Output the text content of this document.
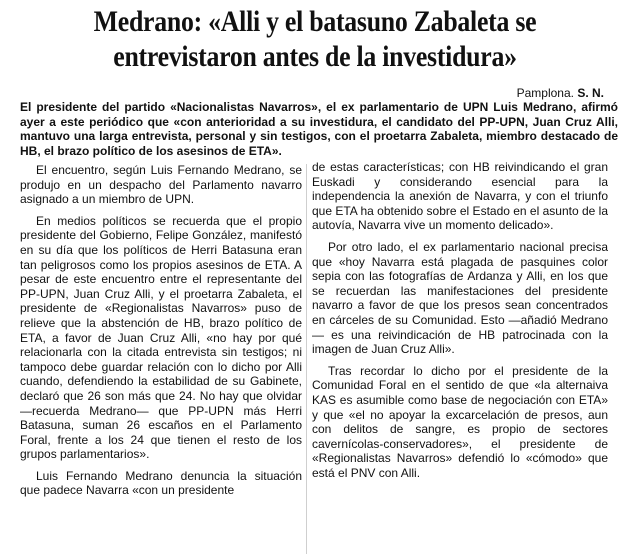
Medrano: «Alli y el batasuno Zabaleta se
entrevistaron antes de la investidura»
Pamplona. S. N.

El presidente del partido «Nacionalistas Navarros», el ex parlamentario de UPN Luis Medrano, afirmó ayer a este periódico que «con anterioridad a su investidura, el candidato del PP-UPN, Juan Cruz Alli, mantuvo una larga entrevista, personal y sin testigos, con el proetarra Zabaleta, miembro destacado de HB, el brazo político de los asesinos de ETA».

El encuentro, según Luis Fernando Medrano, se produjo en un despacho del Parlamento navarro asignado a un miembro de UPN.

En medios políticos se recuerda que el propio presidente del Gobierno, Felipe González, manifestó en su día que los políticos de Herri Batasuna eran tan peligrosos como los propios asesinos de ETA. A pesar de este encuentro entre el representante del PP-UPN, Juan Cruz Alli, y el proetarra Zabaleta, el presidente de «Regionalistas Navarros» puso de relieve que la abstención de HB, brazo político de ETA, a favor de Juan Cruz Alli, «no hay por qué relacionarla con la citada entrevista sin testigos; ni tampoco debe guardar relación con lo dicho por Alli cuando, defendiendo la estabilidad de su Gabinete, declaró que 26 son más que 24. No hay que olvidar —recuerda Medrano— que PP-UPN más Herri Batasuna, suman 26 escaños en el Parlamento Foral, frente a los 24 que tienen el resto de los grupos parlamentarios».

Luis Fernando Medrano denuncia la situación que padece Navarra «con un presidente

de estas características; con HB reivindicando el gran Euskadi y considerando esencial para la independencia la anexión de Navarra, y con el triunfo que ETA ha obtenido sobre el Estado en el asunto de la autovía, Navarra vive un momento delicado».

Por otro lado, el ex parlamentario nacional precisa que «hoy Navarra está plagada de pasquines color sepia con las fotografías de Ardanza y Alli, en los que se recuerdan las manifestaciones del presidente navarro a favor de que los presos sean concentrados en cárceles de su Comunidad. Esto —añadió Medrano— es una reivindicación de HB patrocinada con la imagen de Juan Cruz Alli».

Tras recordar lo dicho por el presidente de la Comunidad Foral en el sentido de que «la alternaiva KAS es asumible como base de negociación con ETA» y que «el no apoyar la excarcelación de presos, aun con delitos de sangre, es propio de sectores cavernícolas-conservadores», el presidente de «Regionalistas Navarros» defendió lo «cómodo» que está el PNV con Alli.
